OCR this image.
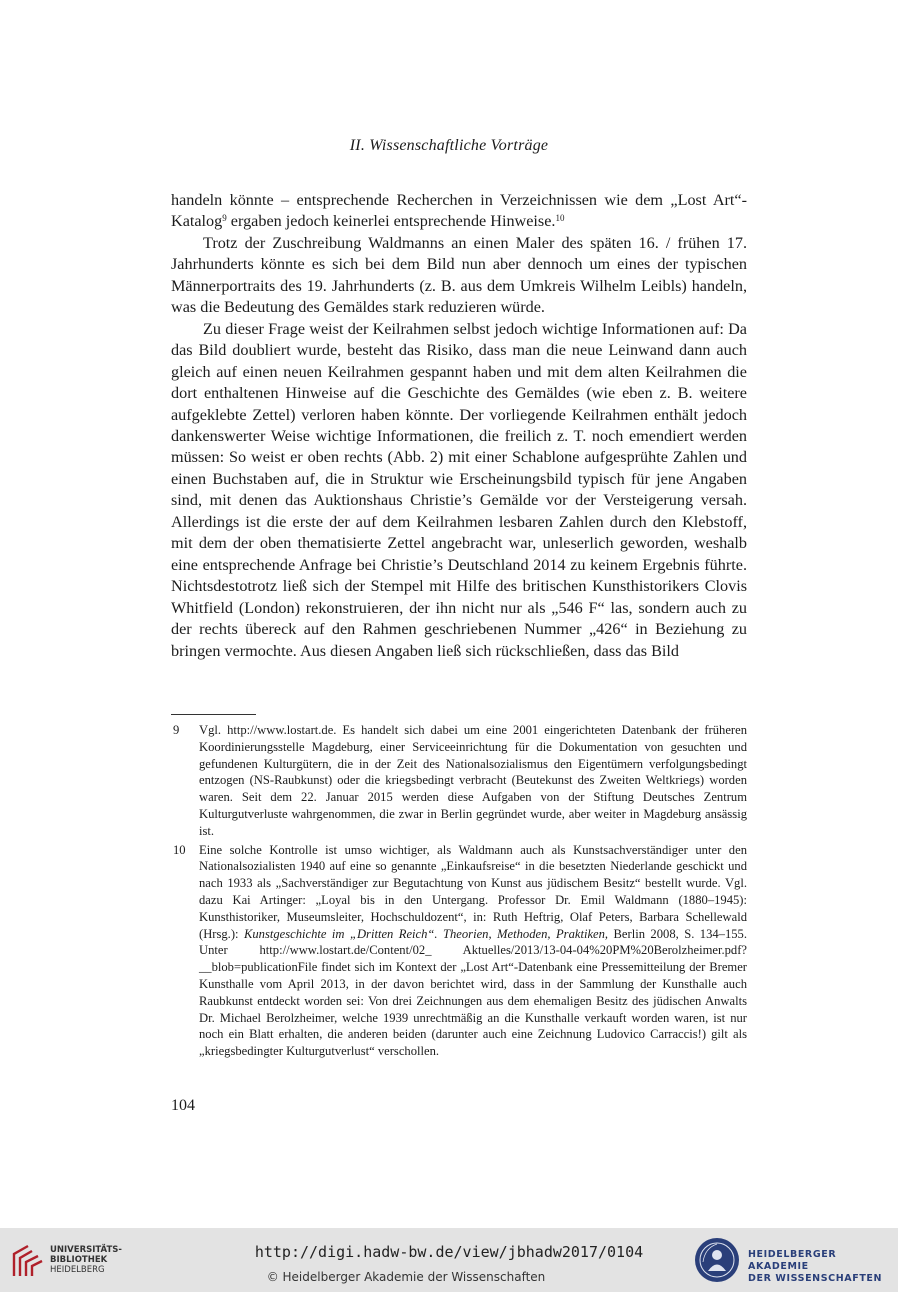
II. Wissenschaftliche Vorträge

handeln könnte – entsprechende Recherchen in Verzeichnissen wie dem „Lost Art“-Katalog$^9$ ergaben jedoch keinerlei entsprechende Hinweise.$^{10}$

Trotz der Zuschreibung Waldmanns an einen Maler des späten 16. / frühen 17. Jahrhunderts könnte es sich bei dem Bild nun aber dennoch um eines der typischen Männerportraits des 19. Jahrhunderts (z. B. aus dem Umkreis Wilhelm Leibls) handeln, was die Bedeutung des Gemäldes stark reduzieren würde.

Zu dieser Frage weist der Keilrahmen selbst jedoch wichtige Informationen auf: Da das Bild doubliert wurde, besteht das Risiko, dass man die neue Leinwand dann auch gleich auf einen neuen Keilrahmen gespannt haben und mit dem alten Keilrahmen die dort enthaltenen Hinweise auf die Geschichte des Gemäldes (wie eben z. B. weitere aufgeklebte Zettel) verloren haben könnte. Der vorliegende Keilrahmen enthält jedoch dankenswerter Weise wichtige Informationen, die freilich z. T. noch emendiert werden müssen: So weist er oben rechts (Abb. 2) mit einer Schablone aufgesprühte Zahlen und einen Buchstaben auf, die in Struktur wie Erscheinungsbild typisch für jene Angaben sind, mit denen das Auktionshaus Christie’s Gemälde vor der Versteigerung versah. Allerdings ist die erste der auf dem Keilrahmen lesbaren Zahlen durch den Klebstoff, mit dem der oben thematisierte Zettel angebracht war, unleserlich geworden, weshalb eine entsprechende Anfrage bei Christie’s Deutschland 2014 zu keinem Ergebnis führte. Nichtsdestotrotz ließ sich der Stempel mit Hilfe des britischen Kunsthistorikers Clovis Whitfield (London) rekonstruieren, der ihn nicht nur als „546 F“ las, sondern auch zu der rechts übereck auf den Rahmen geschriebenen Nummer „426“ in Beziehung zu bringen vermochte. Aus diesen Angaben ließ sich rückschließen, dass das Bild

9 Vgl. http://www.lostart.de. Es handelt sich dabei um eine 2001 eingerichteten Datenbank der früheren Koordinierungsstelle Magdeburg, einer Serviceeinrichtung für die Dokumentation von gesuchten und gefundenen Kulturgütern, die in der Zeit des Nationalsozialismus den Eigentümern verfolgungsbedingt entzogen (NS-Raubkunst) oder die kriegsbedingt verbracht (Beutekunst des Zweiten Weltkriegs) worden waren. Seit dem 22. Januar 2015 werden diese Aufgaben von der Stiftung Deutsches Zentrum Kulturgutverluste wahrgenommen, die zwar in Berlin gegründet wurde, aber weiter in Magdeburg ansässig ist.
10 Eine solche Kontrolle ist umso wichtiger, als Waldmann auch als Kunstsachverständiger unter den Nationalsozialisten 1940 auf eine so genannte „Einkaufsreise“ in die besetzten Niederlande geschickt und nach 1933 als „Sachverständiger zur Begutachtung von Kunst aus jüdischem Besitz“ bestellt wurde. Vgl. dazu Kai Artinger: „Loyal bis in den Untergang. Professor Dr. Emil Waldmann (1880–1945): Kunsthistoriker, Museumsleiter, Hochschuldozent“, in: Ruth Heftrig, Olaf Peters, Barbara Schellewald (Hrsg.): Kunstgeschichte im „Dritten Reich“. Theorien, Methoden, Praktiken, Berlin 2008, S. 134–155. Unter http://www.lostart.de/Content/02_ Aktuelles/2013/13-04-04%20PM%20Berolzheimer.pdf?__blob=publicationFile findet sich im Kontext der „Lost Art“-Datenbank eine Pressemitteilung der Bremer Kunsthalle vom April 2013, in der davon berichtet wird, dass in der Sammlung der Kunsthalle auch Raubkunst entdeckt worden sei: Von drei Zeichnungen aus dem ehemaligen Besitz des jüdischen Anwalts Dr. Michael Berolzheimer, welche 1939 unrechtmäßig an die Kunsthalle verkauft worden waren, ist nur noch ein Blatt erhalten, die anderen beiden (darunter auch eine Zeichnung Ludovico Carraccis!) gilt als „kriegsbedingter Kulturgutverlust“ verschollen.
104
UNIVERSITÄTS-
BIBLIOTHEK
HEIDELBERG
http://digi.hadw-bw.de/view/jbhadw2017/0104
© Heidelberger Akademie der Wissenschaften
HEIDELBERGER AKADEMIE
DER WISSENSCHAFTEN
